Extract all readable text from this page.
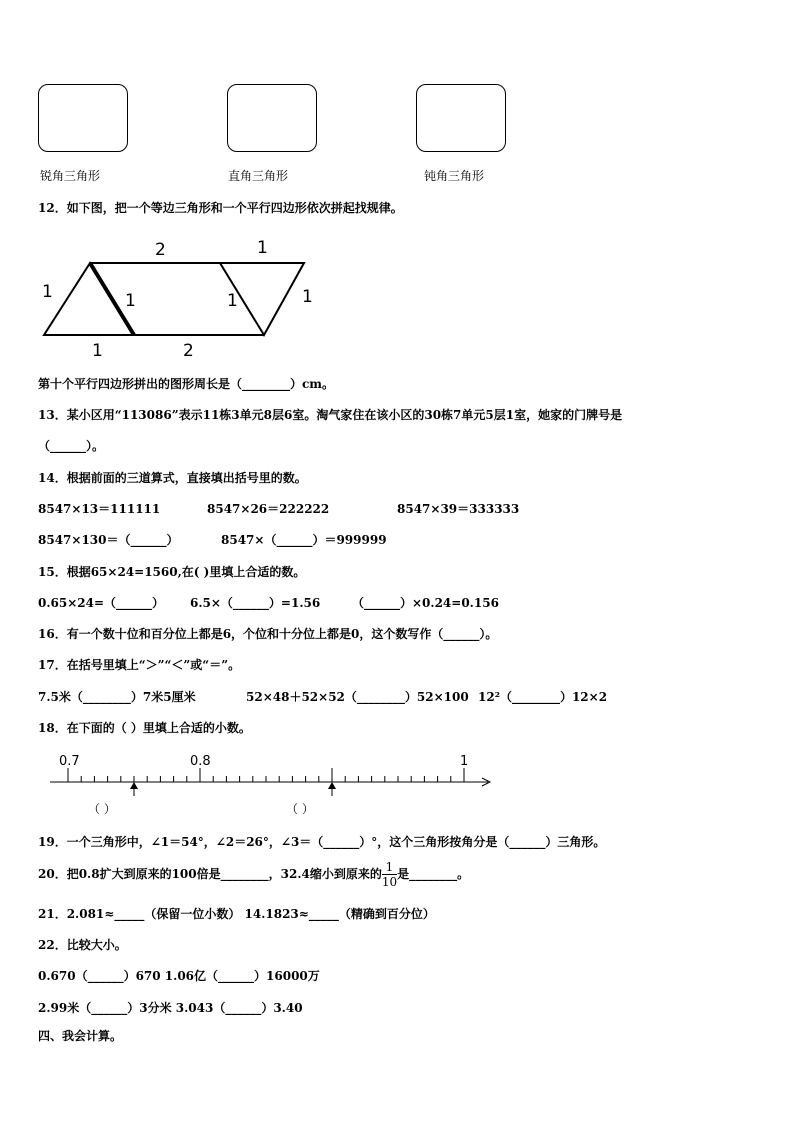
锐角三角形	直角三角形	钝角三角形
12．如下图，把一个等边三角形和一个平行四边形依次拼起找规律。
2	1
1	1	1	1
1	2
第十个平行四边形拼出的图形周长是（________）cm。
13．某小区用“113086”表示11栋3单元8层6室。淘气家住在该小区的30栋7单元5层1室，她家的门牌号是
（______）。
14．根据前面的三道算式，直接填出括号里的数。
8547×13＝111111	8547×26＝222222	8547×39＝333333
8547×130＝（______）	8547×（______）＝999999
15．根据65×24=1560,在( )里填上合适的数。
0.65×24=（______） 6.5×（______）=1.56	（______）×0.24=0.156
16．有一个数十位和百分位上都是6，个位和十分位上都是0，这个数写作（______）。
17．在括号里填上“＞”“＜”或“＝”。
7.5米（________）7米5厘米	52×48＋52×52（________）52×100 12²（________）12×2
18．在下面的（ ）里填上合适的小数。
0.7	0.8	1
（ ）	（ ）
19．一个三角形中，∠1＝54°，∠2＝26°，∠3＝（______）°，这个三角形按角分是（______）三角形。
20．把0.8扩大到原来的100倍是________，32.4缩小到原来的 $\frac{1}{10}$ 是________。
21．2.081≈_____（保留一位小数） 14.1823≈_____（精确到百分位）
22．比较大小。
0.670（______）670 1.06亿（______）16000万
2.99米（______）3分米 3.043（______）3.40
四、我会计算。
